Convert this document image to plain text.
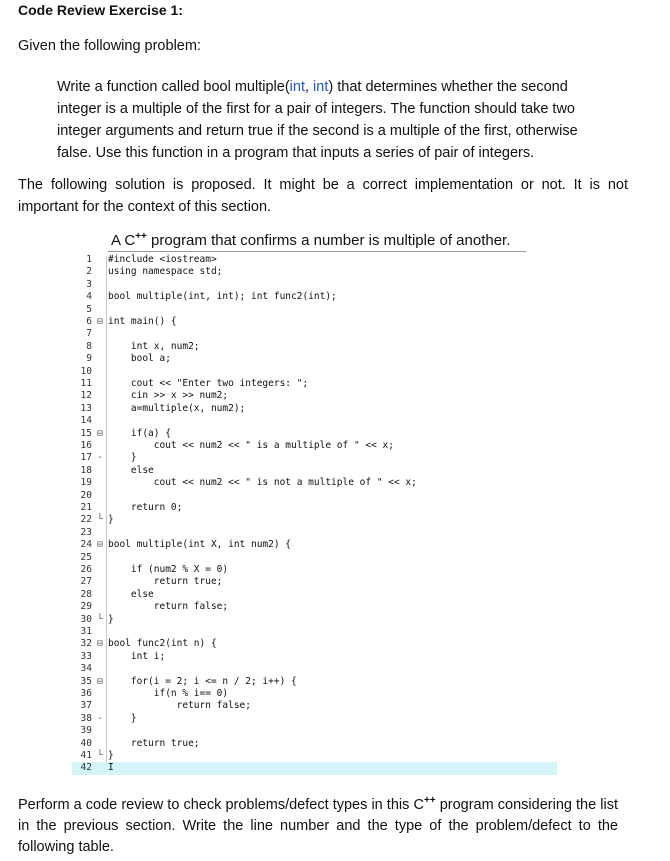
Code Review Exercise 1:
Given the following problem:
Write a function called bool multiple(int, int) that determines whether the second integer is a multiple of the first for a pair of integers. The function should take two integer arguments and return true if the second is a multiple of the first, otherwise false. Use this function in a program that inputs a series of pair of integers.
The following solution is proposed. It might be a correct implementation or not. It is not important for the context of this section.
A C++ program that confirms a number is multiple of another.
1 #include <iostream>
2 using namespace std;
3
4 bool multiple(int, int); int func2(int);
5
6 ⊟ int main() {
7
8 int x, num2;
9 bool a;
10
11 cout << "Enter two integers: ";
12 cin >> x >> num2;
13 a=multiple(x, num2);
14
15 ⊟ if(a) {
16 cout << num2 << " is a multiple of " << x;
17 - }
18 else
19 cout << num2 << " is not a multiple of " << x;
20
21 return 0;
22 └ }
23
24 ⊟ bool multiple(int X, int num2) {
25
26 if (num2 % X = 0)
27 return true;
28 else
29 return false;
30 └ }
31
32 ⊟ bool func2(int n) {
33 int i;
34
35 ⊟ for(i = 2; i <= n / 2; i++) {
36 if(n % i== 0)
37 return false;
38 - }
39
40 return true;
41 └ }
42 I
Perform a code review to check problems/defect types in this C++ program considering the list in the previous section. Write the line number and the type of the problem/defect to the following table.
